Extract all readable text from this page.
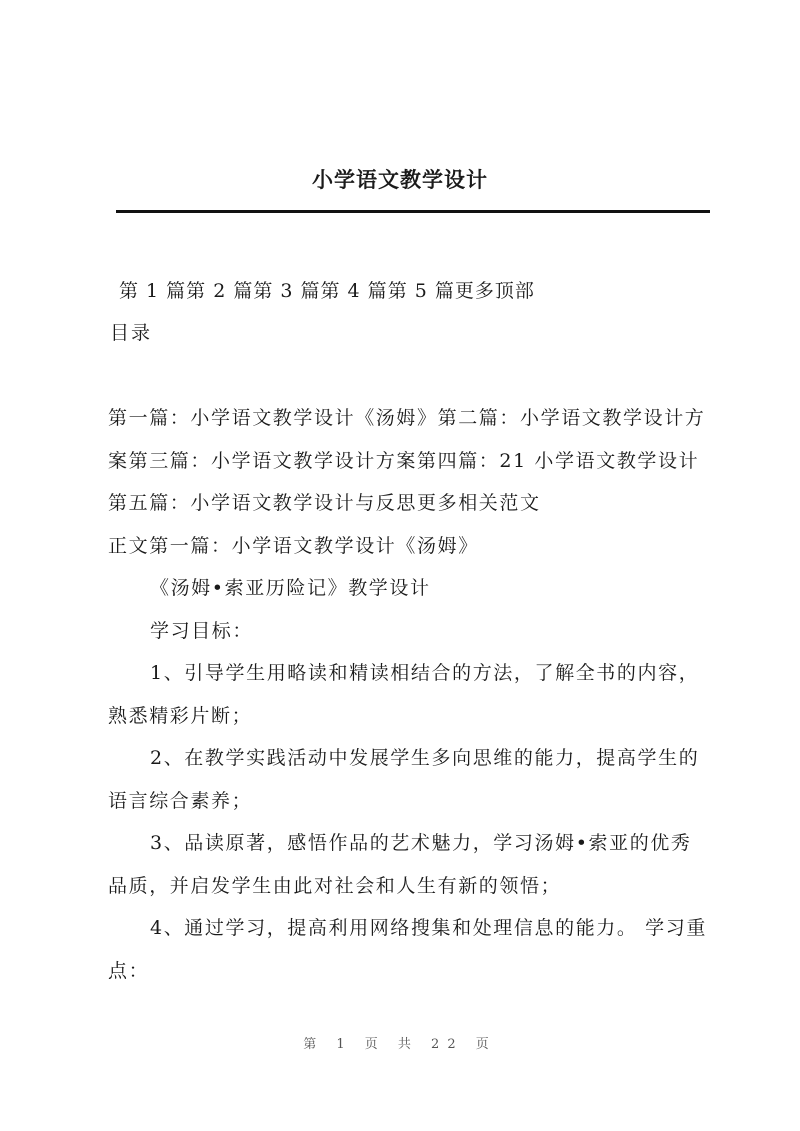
小学语文教学设计
第 1 篇第 2 篇第 3 篇第 4 篇第 5 篇更多顶部
目录

第一篇：小学语文教学设计《汤姆》第二篇：小学语文教学设计方案第三篇：小学语文教学设计方案第四篇：21 小学语文教学设计第五篇：小学语文教学设计与反思更多相关范文

正文第一篇：小学语文教学设计《汤姆》

《汤姆•索亚历险记》教学设计

学习目标：

1、引导学生用略读和精读相结合的方法，了解全书的内容，熟悉精彩片断；

2、在教学实践活动中发展学生多向思维的能力，提高学生的语言综合素养；

3、品读原著，感悟作品的艺术魅力，学习汤姆•索亚的优秀品质，并启发学生由此对社会和人生有新的领悟；

4、通过学习，提高利用网络搜集和处理信息的能力。 学习重点：

第 1 页 共 22 页
